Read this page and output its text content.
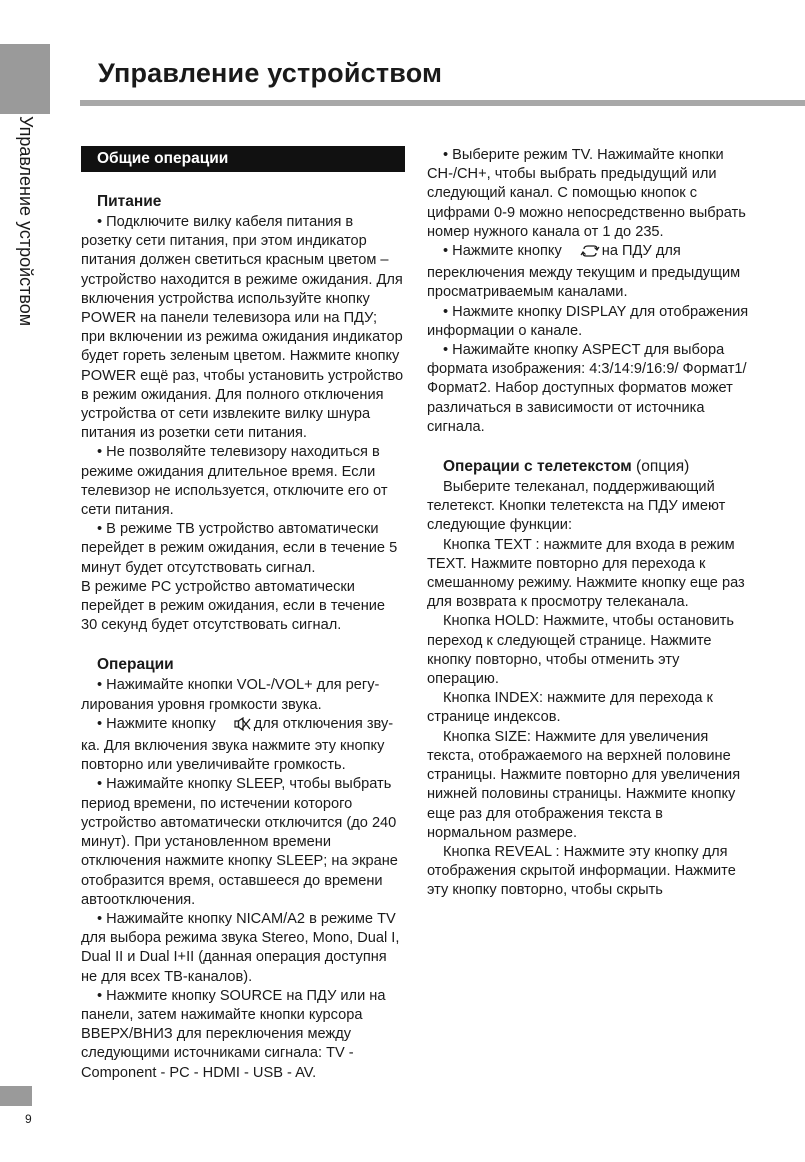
Управление устройством
Управление устройством
Общие операции
Питание

• Подключите вилку кабеля питания в розетку сети питания, при этом индикатор питания должен светиться красным цветом – устройство находится в режиме ожидания. Для включения устройства используйте кнопку POWER на панели телевизора или на ПДУ; при включении из режима ожидания индикатор будет гореть зеленым цветом. Нажмите кнопку POWER ещё раз, чтобы установить устройство в режим ожидания. Для полного отключения устройства от сети извлеките вилку шнура питания из розетки сети питания.

• Не позволяйте телевизору находиться в режиме ожидания длительное время. Если телевизор не используется, отключите его от сети питания.

• В режиме ТВ устройство автоматически перейдет в режим ожидания, если в течение 5 минут будет отсутствовать сигнал.

В режиме PC устройство автоматически перейдет в режим ожидания, если в течение 30 секунд будет отсутствовать сигнал.

Операции

• Нажимайте кнопки VOL-/VOL+ для регулирования уровня громкости звука.

• Нажмите кнопку	для отключения звука. Для включения звука нажмите эту кнопку повторно или увеличивайте громкость.

• Нажимайте кнопку SLEEP, чтобы выбрать период времени, по истечении которого устройство автоматически отключится (до 240 минут). При установленном времени отключения нажмите кнопку SLEEP; на экране отобразится время, оставшееся до времени автоотключения.

• Нажимайте кнопку NICAM/A2 в режиме TV для выбора режима звука Stereo, Mono, Dual I, Dual II и Dual I+II (данная операция доступня не для всех ТВ-каналов).

• Нажмите кнопку SOURCE на ПДУ или на панели, затем нажимайте кнопки курсора ВВЕРХ/ВНИЗ для переключения между следующими источниками сигнала: TV - Component - PC - HDMI - USB - AV.

• Выберите режим TV. Нажимайте кнопки CH-/CH+, чтобы выбрать предыдущий или следующий канал. С помощью кнопок с цифрами 0-9 можно непосредственно выбрать номер нужного канала от 1 до 235.

• Нажмите кнопку	на ПДУ для переключения между текущим и предыдущим просматриваемым каналами.

• Нажмите кнопку DISPLAY для отображения информации о канале.

• Нажимайте кнопку ASPECT для выбора формата изображения: 4:3/14:9/16:9/ Формат1/Формат2. Набор доступных форматов может различаться в зависимости от источника сигнала.

Операции с телетекстом (опция)

Выберите телеканал, поддерживающий телетекст. Кнопки телетекста на ПДУ имеют следующие функции:

Кнопка TEXT : нажмите для входа в режим TEXT. Нажмите повторно для перехода к смешанному режиму. Нажмите кнопку еще раз для возврата к просмотру телеканала.

Кнопка HOLD: Нажмите, чтобы остановить переход к следующей странице. Нажмите кнопку повторно, чтобы отменить эту операцию.

Кнопка INDEX: нажмите для перехода к странице индексов.

Кнопка SIZE: Нажмите для увеличения текста, отображаемого на верхней половине страницы. Нажмите повторно для увеличения нижней половины страницы. Нажмите кнопку еще раз для отображения текста в нормальном размере.

Кнопка REVEAL : Нажмите эту кнопку для отображения скрытой информации. Нажмите эту кнопку повторно, чтобы скрыть

9
